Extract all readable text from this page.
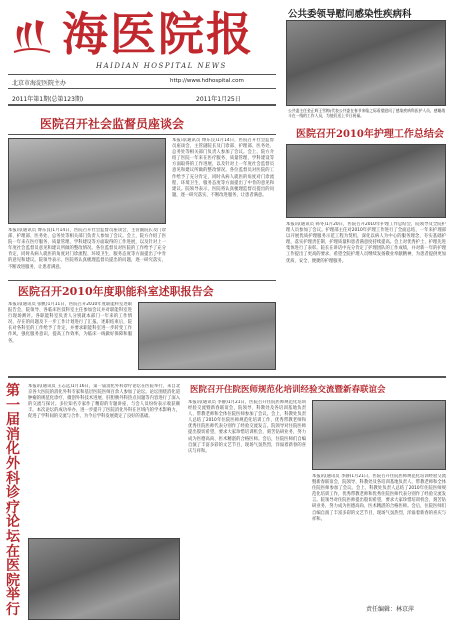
海医院报
HAIDIAN HOSPITAL NEWS
北京市海淀医院主办	http://www.hdhospital.com
2011年第1期(总第123期)	2011年1月25日
公共委领导慰问感染性疾病科
公共委主任金正辉王雪梅(代表公共委在春节来临之际看望慰问了感染疾病科医护人员，感谢战斗在一线的工作人员，为他们送上节日祝福。
医院召开社会监督员座谈会
本报讯(通讯员 傅东良)1月14日，医院召开社会监督员座谈会，主管副院长及门诊部、护理部、医务处、总务处等相关部门负责人参加了会议。会上，院方介绍了医院一年来在医疗服务、质量管理、学科建设等方面取得的工作进展，以及针对上一年度社会监督员意见和建议所做的整改情况。各位监督员对医院的工作给予了充分肯定，同时从病人就医的角度对门诊流程、环境卫生、服务态度等方面提出了中肯的意见和建议。院领导表示，医院将认真梳理监督员提出的问题，逐一研究落实，不断改进服务，让患者满意。
本报讯(通讯员 傅东良)1月14日，医院召开社会监督员座谈会，主管副院长及门诊部、护理部、医务处、总务处等相关部门负责人参加了会议。会上，院方介绍了医院一年来在医疗服务、质量管理、学科建设等方面取得的工作进展，以及针对上一年度社会监督员意见和建议所做的整改情况。各位监督员对医院的工作给予了充分肯定，同时从病人就医的角度对门诊流程、环境卫生、服务态度等方面提出了中肯的意见和建议。院领导表示，医院将认真梳理监督员提出的问题，逐一研究落实，不断改进服务，让患者满意。
医院召开2010年护理工作总结会
本报讯(通讯员 韩冬)1月20日，医院召开2010年护理工作总结会，院领导及全院护理人员参加了会议。护理部主任对2010年护理工作进行了全面总结，一年来护理部以开展优质护理服务示范工程为契机，深化以病人为中心的服务理念，夯实基础护理，落实护理责任制，护理质量和患者满意度持续提高。会上对优秀护士、护理先进集体进行了表彰。院长在讲话中充分肯定了护理团队的工作成绩，并对新一年的护理工作提出了更高的要求，希望全院护理人员继续发扬敬业奉献精神，为患者提供更加优质、安全、便捷的护理服务。
医院召开2010年度职能科室述职报告会
本报讯(通讯员 张帆)1月11日，医院召开2010年度职能科室述职报告会，院领导、各临床医技科室主任参加会议并对职能科室进行现场测评。各职能科室负责人分别就本部门一年来的工作情况、存在的问题及下一步工作计划进行了汇报。述职结束后，院长对各科室的工作给予了肯定，并要求职能科室进一步转变工作作风，强化服务意识，提高工作效率，为临床一线做好保障和服务。
第一届消化外科诊疗论坛在医院举行
本报讯(通讯员 王志远)1月16日，第一届消化外科诊疗论坛在医院举行，来自北京各大医院的消化外科专家和基层医院医师百余人参加了论坛。论坛围绕消化道肿瘤的规范化诊疗、微创外科技术进展、肝胆胰外科热点问题等内容进行了深入的交流与探讨。多位知名专家作了精彩的专题讲座，与会人员纷纷表示收获颇丰。本次论坛的成功举办，进一步提升了医院消化外科在区域内的学术影响力，促进了学科间的交流与合作，为今后学科发展奠定了良好的基础。
医院召开住院医师规范化培训经验交流暨新春联谊会
本报讯(通讯员 李静)1月21日，医院召开住院医师规范化培训经验交流暨新春联谊会，院领导、科教处及各培训基地负责人、带教老师和全体住院医师参加了会议。会上，科教处负责人总结了2010年住院医师规范化培训工作，优秀带教老师和优秀住院医师代表分别作了经验交流发言。院领导对住院医师提出殷切希望，要求大家珍惜培训机会，刻苦钻研业务，努力成为医德高尚、医术精湛的合格医师。会后，住院医师们自编自演了丰富多彩的文艺节目，现场气氛热烈，洋溢着新春的喜庆与祥和。
本报讯(通讯员 李静)1月21日，医院召开住院医师规范化培训经验交流暨新春联谊会，院领导、科教处及各培训基地负责人、带教老师和全体住院医师参加了会议。会上，科教处负责人总结了2010年住院医师规范化培训工作，优秀带教老师和优秀住院医师代表分别作了经验交流发言。院领导对住院医师提出殷切希望，要求大家珍惜培训机会，刻苦钻研业务，努力成为医德高尚、医术精湛的合格医师。会后，住院医师们自编自演了丰富多彩的文艺节目，现场气氛热烈，洋溢着新春的喜庆与祥和。
责任编辑：林京萍
